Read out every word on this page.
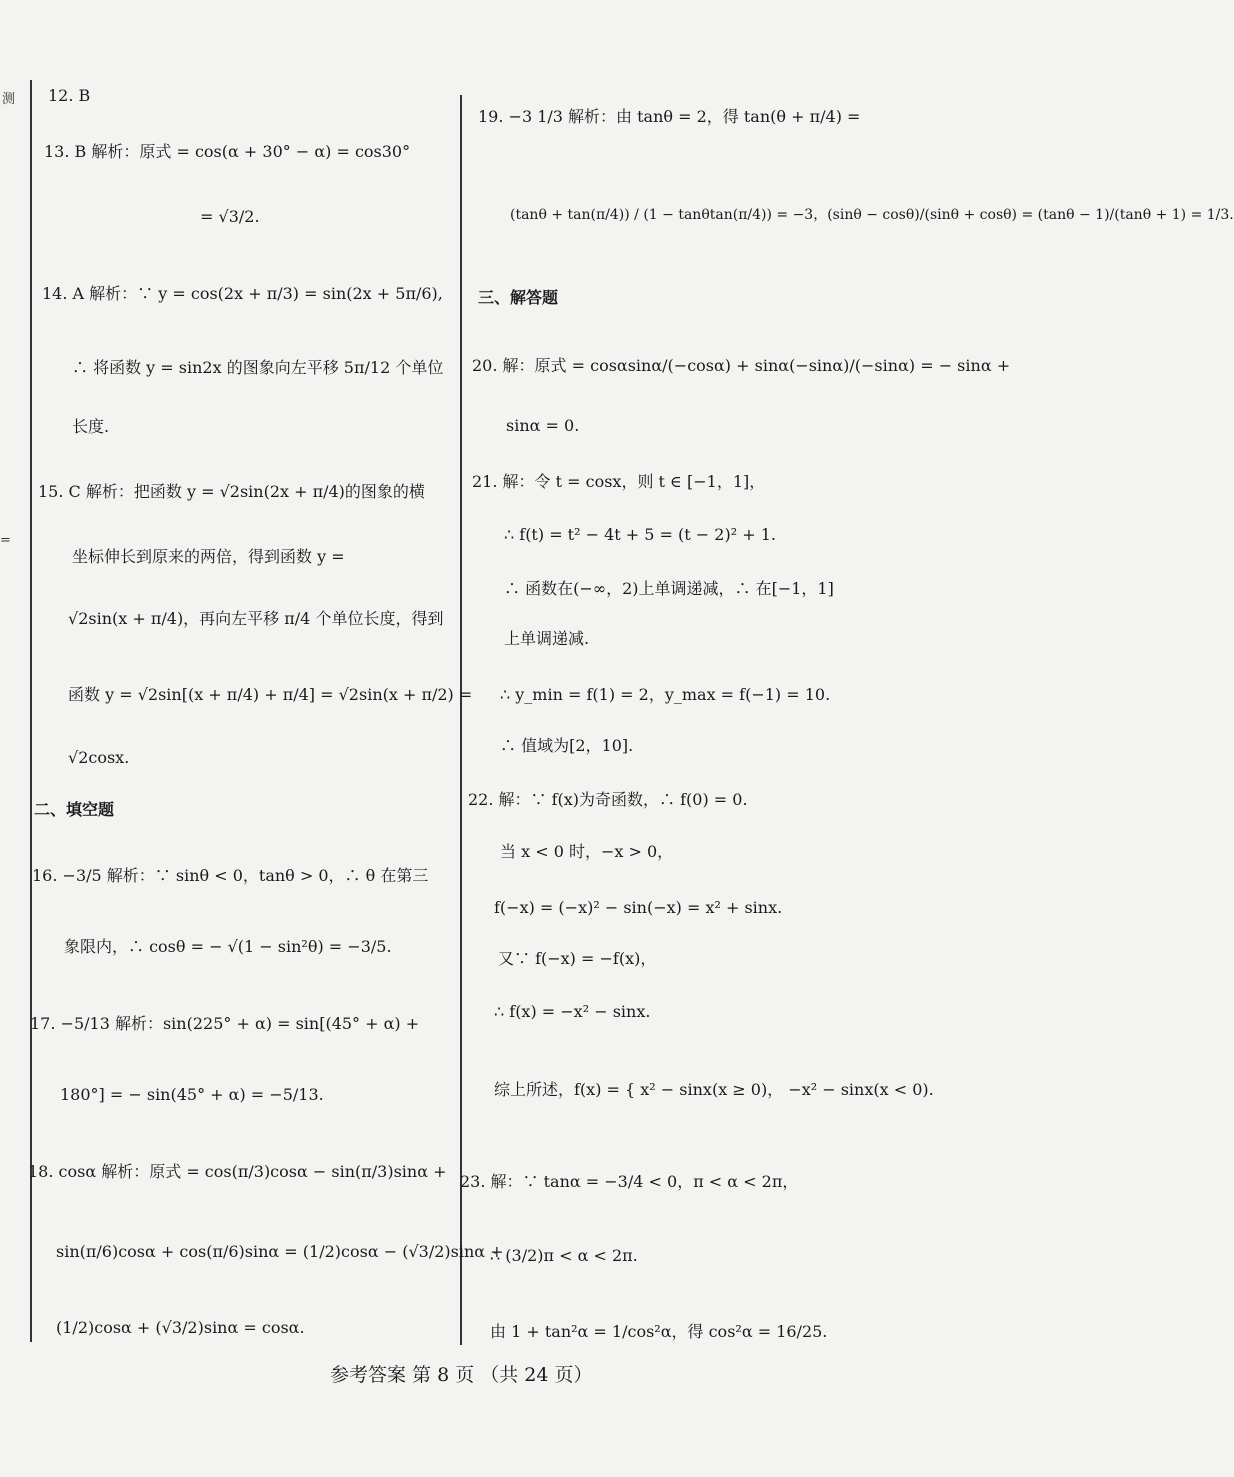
测
=
12. B
13. B 解析：原式 = cos(α + 30° − α) = cos30°
= √3/2.
14. A 解析：∵ y = cos(2x + π/3) = sin(2x + 5π/6),
∴ 将函数 y = sin2x 的图象向左平移 5π/12 个单位
长度.
15. C 解析：把函数 y = √2sin(2x + π/4)的图象的横
坐标伸长到原来的两倍，得到函数 y =
√2sin(x + π/4)，再向左平移 π/4 个单位长度，得到
函数 y = √2sin[(x + π/4) + π/4] = √2sin(x + π/2) =
√2cosx.
二、填空题
16. −3/5 解析：∵ sinθ < 0，tanθ > 0，∴ θ 在第三
象限内，∴ cosθ = − √(1 − sin²θ) = −3/5.
17. −5/13 解析：sin(225° + α) = sin[(45° + α) +
180°] = − sin(45° + α) = −5/13.
18. cosα 解析：原式 = cos(π/3)cosα − sin(π/3)sinα +
sin(π/6)cosα + cos(π/6)sinα = (1/2)cosα − (√3/2)sinα +
(1/2)cosα + (√3/2)sinα = cosα.
19. −3 1/3 解析：由 tanθ = 2，得 tan(θ + π/4) =
(tanθ + tan(π/4)) / (1 − tanθtan(π/4)) = −3，(sinθ − cosθ)/(sinθ + cosθ) = (tanθ − 1)/(tanθ + 1) = 1/3.
三、解答题
20. 解：原式 = cosαsinα/(−cosα) + sinα(−sinα)/(−sinα) = − sinα +
sinα = 0.
21. 解：令 t = cosx，则 t ∈ [−1，1]，
∴ f(t) = t² − 4t + 5 = (t − 2)² + 1.
∴ 函数在(−∞，2)上单调递减，∴ 在[−1，1]
上单调递减.
∴ y_min = f(1) = 2，y_max = f(−1) = 10.
∴ 值域为[2，10].
22. 解：∵ f(x)为奇函数，∴ f(0) = 0.
当 x < 0 时，−x > 0，
f(−x) = (−x)² − sin(−x) = x² + sinx.
又∵ f(−x) = −f(x)，
∴ f(x) = −x² − sinx.
综上所述，f(x) = { x² − sinx(x ≥ 0)， −x² − sinx(x < 0).
23. 解：∵ tanα = −3/4 < 0，π < α < 2π，
∴ (3/2)π < α < 2π.
由 1 + tan²α = 1/cos²α，得 cos²α = 16/25.
参考答案 第 8 页 （共 24 页）
